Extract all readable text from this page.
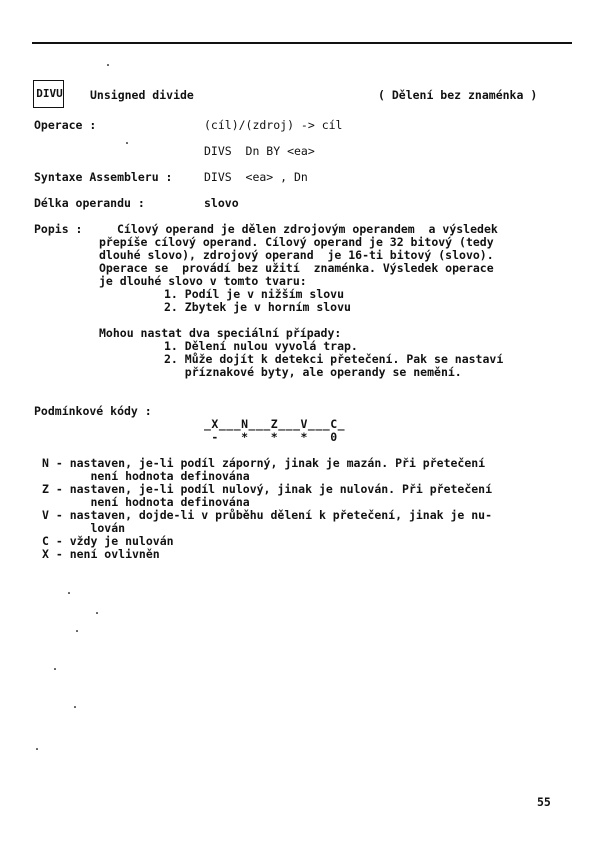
DIVU Unsigned divide	( Dělení bez znaménka )
Operace :	(cíl)/(zdroj) -> cíl
DIVS  Dn BY <ea>
Syntaxe Assembleru :	DIVS  <ea> , Dn
Délka operandu :	slovo
Popis :	Cílový operand je dělen zdrojovým operandem  a výsledek
přepíše cílový operand. Cílový operand je 32 bitový (tedy
dlouhé slovo), zdrojový operand  je 16-ti bitový (slovo).
Operace se  provádí bez užití  znaménka. Výsledek operace
je dlouhé slovo v tomto tvaru:
1. Podíl je v nižším slovu
2. Zbytek je v horním slovu
Mohou nastat dva speciální případy:
1. Dělení nulou vyvolá trap.
2. Může dojít k detekci přetečení. Pak se nastaví
příznakové byty, ale operandy se nemění.
Podmínkové kódy :
_X___N___Z___V___C_
-   *   *   *   0
N - nastaven, je-li podíl záporný, jinak je mazán. Při přetečení
není hodnota definována
Z - nastaven, je-li podíl nulový, jinak je nulován. Při přetečení
není hodnota definována
V - nastaven, dojde-li v průběhu dělení k přetečení, jinak je nu-
lován
C - vždy je nulován
X - není ovlivněn
55
